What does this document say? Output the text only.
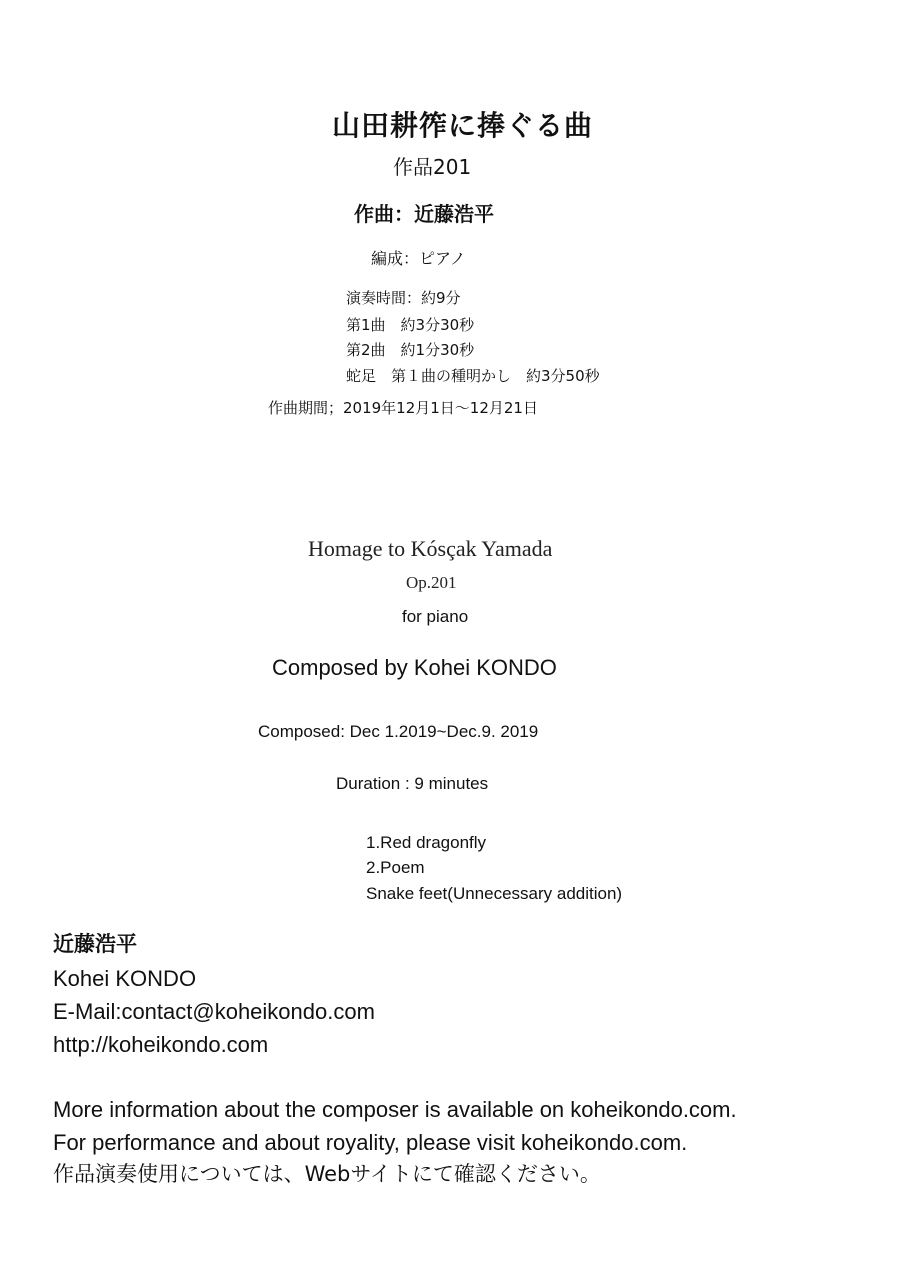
山田耕筰に捧ぐる曲
作品201
作曲：近藤浩平
編成：ピアノ
演奏時間：約9分
第1曲　約3分30秒
第2曲　約1分30秒
蛇足　第１曲の種明かし　約3分50秒
作曲期間；2019年12月1日～12月21日
Homage to Kósçak Yamada
Op.201
for piano
Composed by Kohei KONDO
Composed: Dec 1.2019~Dec.9. 2019
Duration : 9 minutes
1.Red dragonfly
2.Poem
Snake feet(Unnecessary addition)
近藤浩平
Kohei KONDO
E-Mail:contact@koheikondo.com
http://koheikondo.com
More information about the composer is available on koheikondo.com.
For performance and about royality, please visit koheikondo.com.
作品演奏使用については、Webサイトにて確認ください。
